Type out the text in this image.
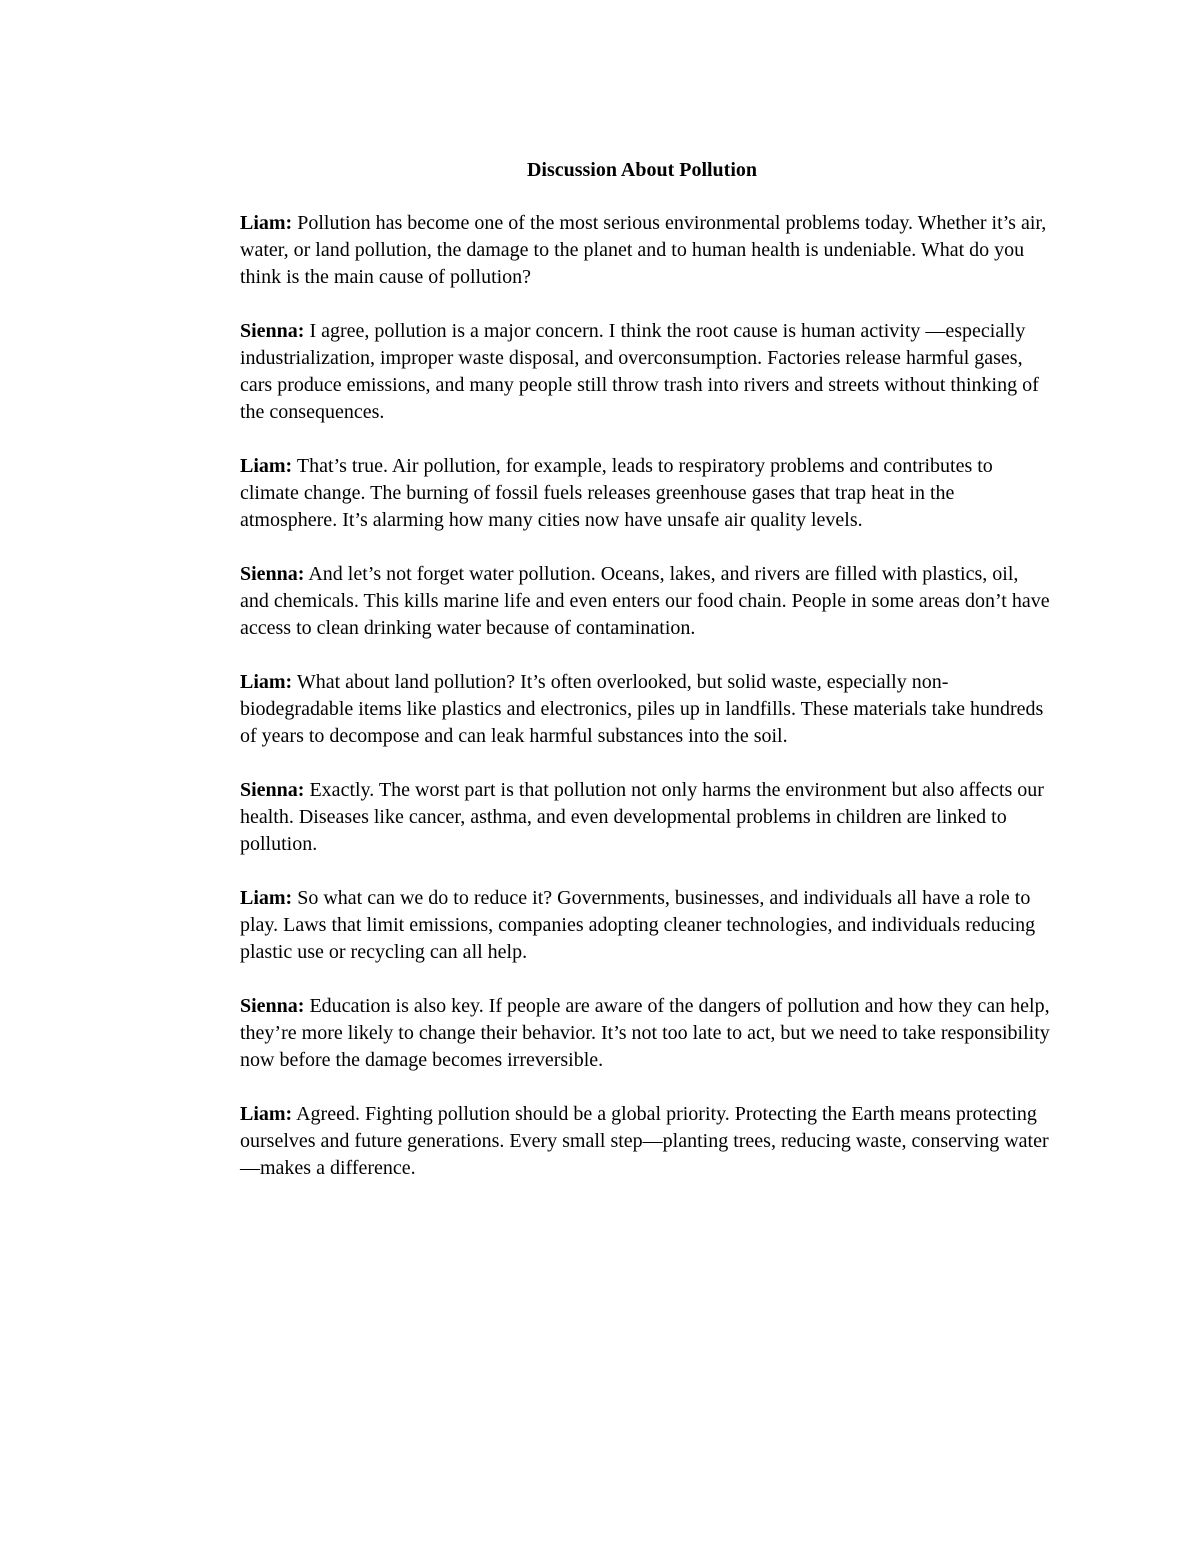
Discussion About Pollution

Liam: Pollution has become one of the most serious environmental problems today. Whether it’s air, water, or land pollution, the damage to the planet and to human health is undeniable. What do you think is the main cause of pollution?

Sienna: I agree, pollution is a major concern. I think the root cause is human activity —especially industrialization, improper waste disposal, and overconsumption. Factories release harmful gases, cars produce emissions, and many people still throw trash into rivers and streets without thinking of the consequences.

Liam: That’s true. Air pollution, for example, leads to respiratory problems and contributes to climate change. The burning of fossil fuels releases greenhouse gases that trap heat in the atmosphere. It’s alarming how many cities now have unsafe air quality levels.

Sienna: And let’s not forget water pollution. Oceans, lakes, and rivers are filled with plastics, oil, and chemicals. This kills marine life and even enters our food chain. People in some areas don’t have access to clean drinking water because of contamination.

Liam: What about land pollution? It’s often overlooked, but solid waste, especially non-biodegradable items like plastics and electronics, piles up in landfills. These materials take hundreds of years to decompose and can leak harmful substances into the soil.

Sienna: Exactly. The worst part is that pollution not only harms the environment but also affects our health. Diseases like cancer, asthma, and even developmental problems in children are linked to pollution.

Liam: So what can we do to reduce it? Governments, businesses, and individuals all have a role to play. Laws that limit emissions, companies adopting cleaner technologies, and individuals reducing plastic use or recycling can all help.

Sienna: Education is also key. If people are aware of the dangers of pollution and how they can help, they’re more likely to change their behavior. It’s not too late to act, but we need to take responsibility now before the damage becomes irreversible.

Liam: Agreed. Fighting pollution should be a global priority. Protecting the Earth means protecting ourselves and future generations. Every small step—planting trees, reducing waste, conserving water—makes a difference.
